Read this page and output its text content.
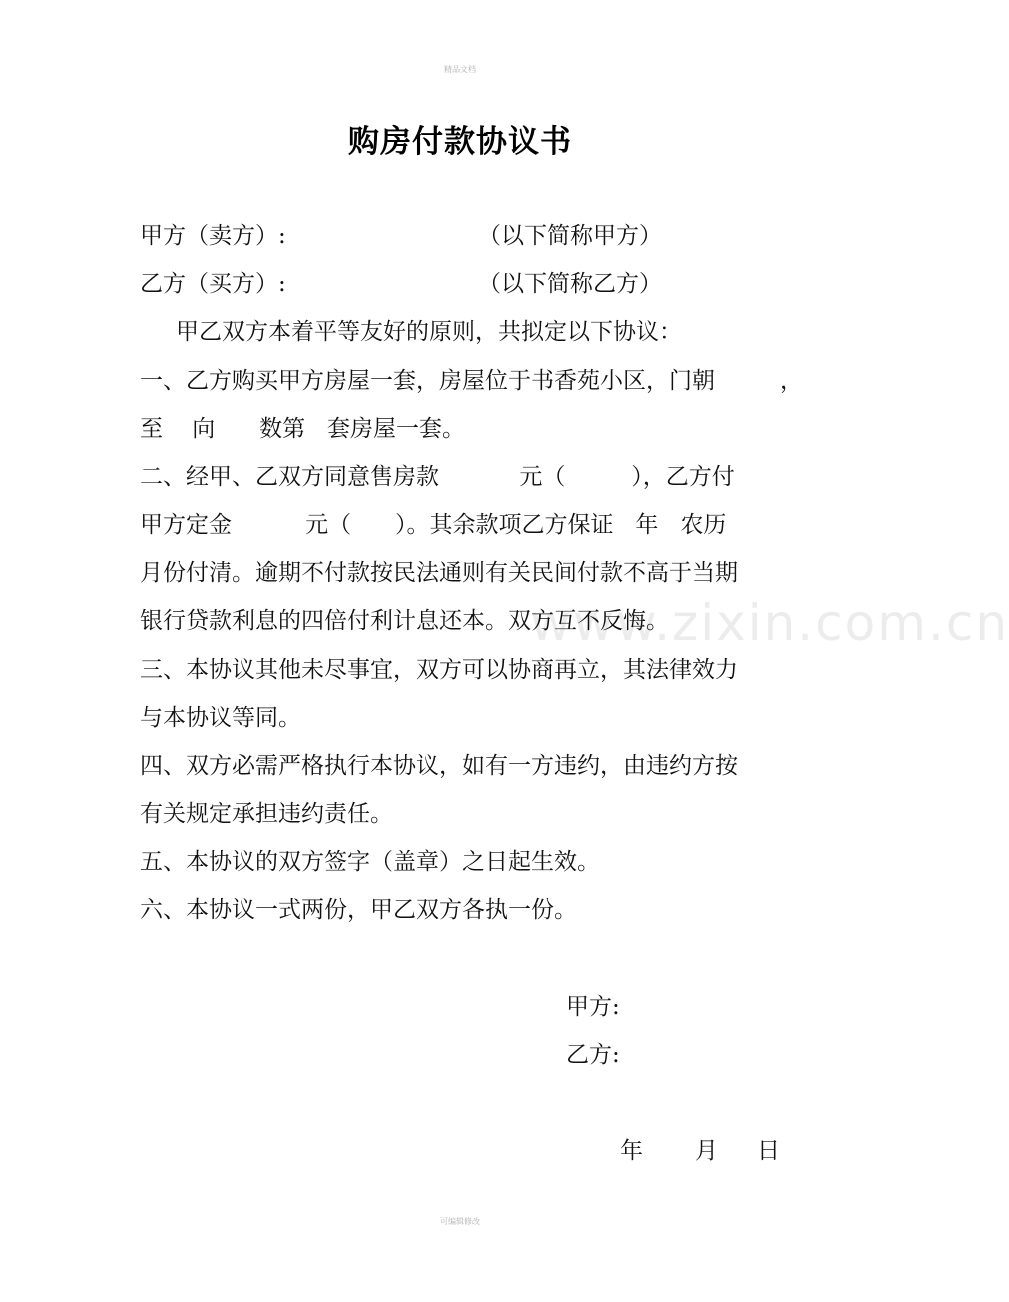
精品文档
www.zixin.com.cn
购房付款协议书
甲方（卖方）:	（以下简称甲方）
乙方（买方）:	（以下简称乙方）
甲乙双方本着平等友好的原则，共拟定以下协议：
一、乙方购买甲方房屋一套，房屋位于书香苑小区，门朝	，
至    向      数第   套房屋一套。
二、经甲、乙双方同意售房款           元（         ），乙方付
甲方定金          元（      ）。其余款项乙方保证   年   农历
月份付清。逾期不付款按民法通则有关民间付款不高于当期
银行贷款利息的四倍付利计息还本。双方互不反悔。
三、本协议其他未尽事宜，双方可以协商再立，其法律效力
与本协议等同。
四、双方必需严格执行本协议，如有一方违约，由违约方按
有关规定承担违约责任。
五、本协议的双方签字（盖章）之日起生效。
六、本协议一式两份，甲乙双方各执一份。
甲方:
乙方:
年 月 日
可编辑修改
